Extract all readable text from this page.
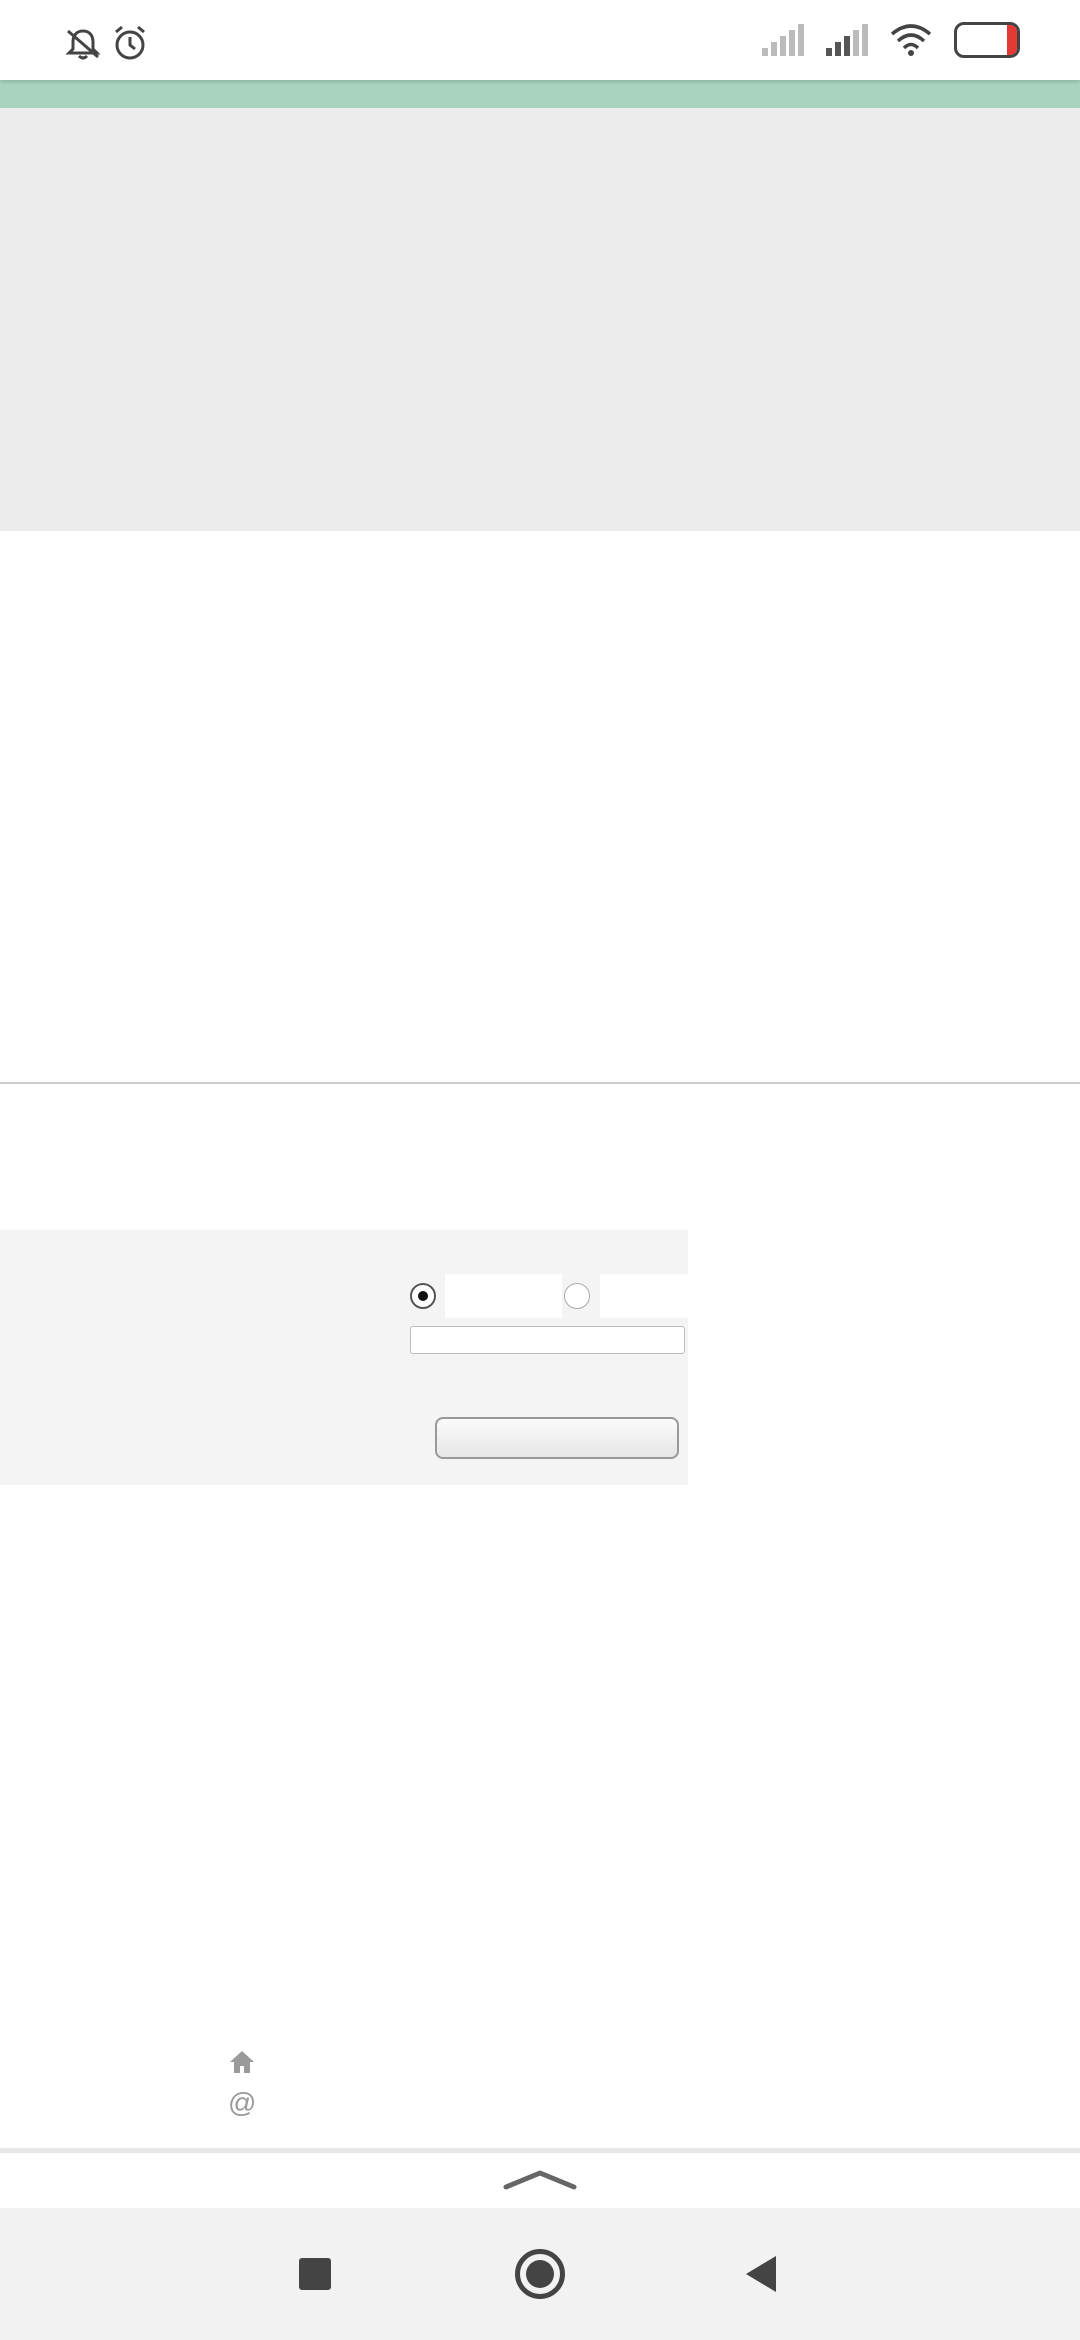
@
